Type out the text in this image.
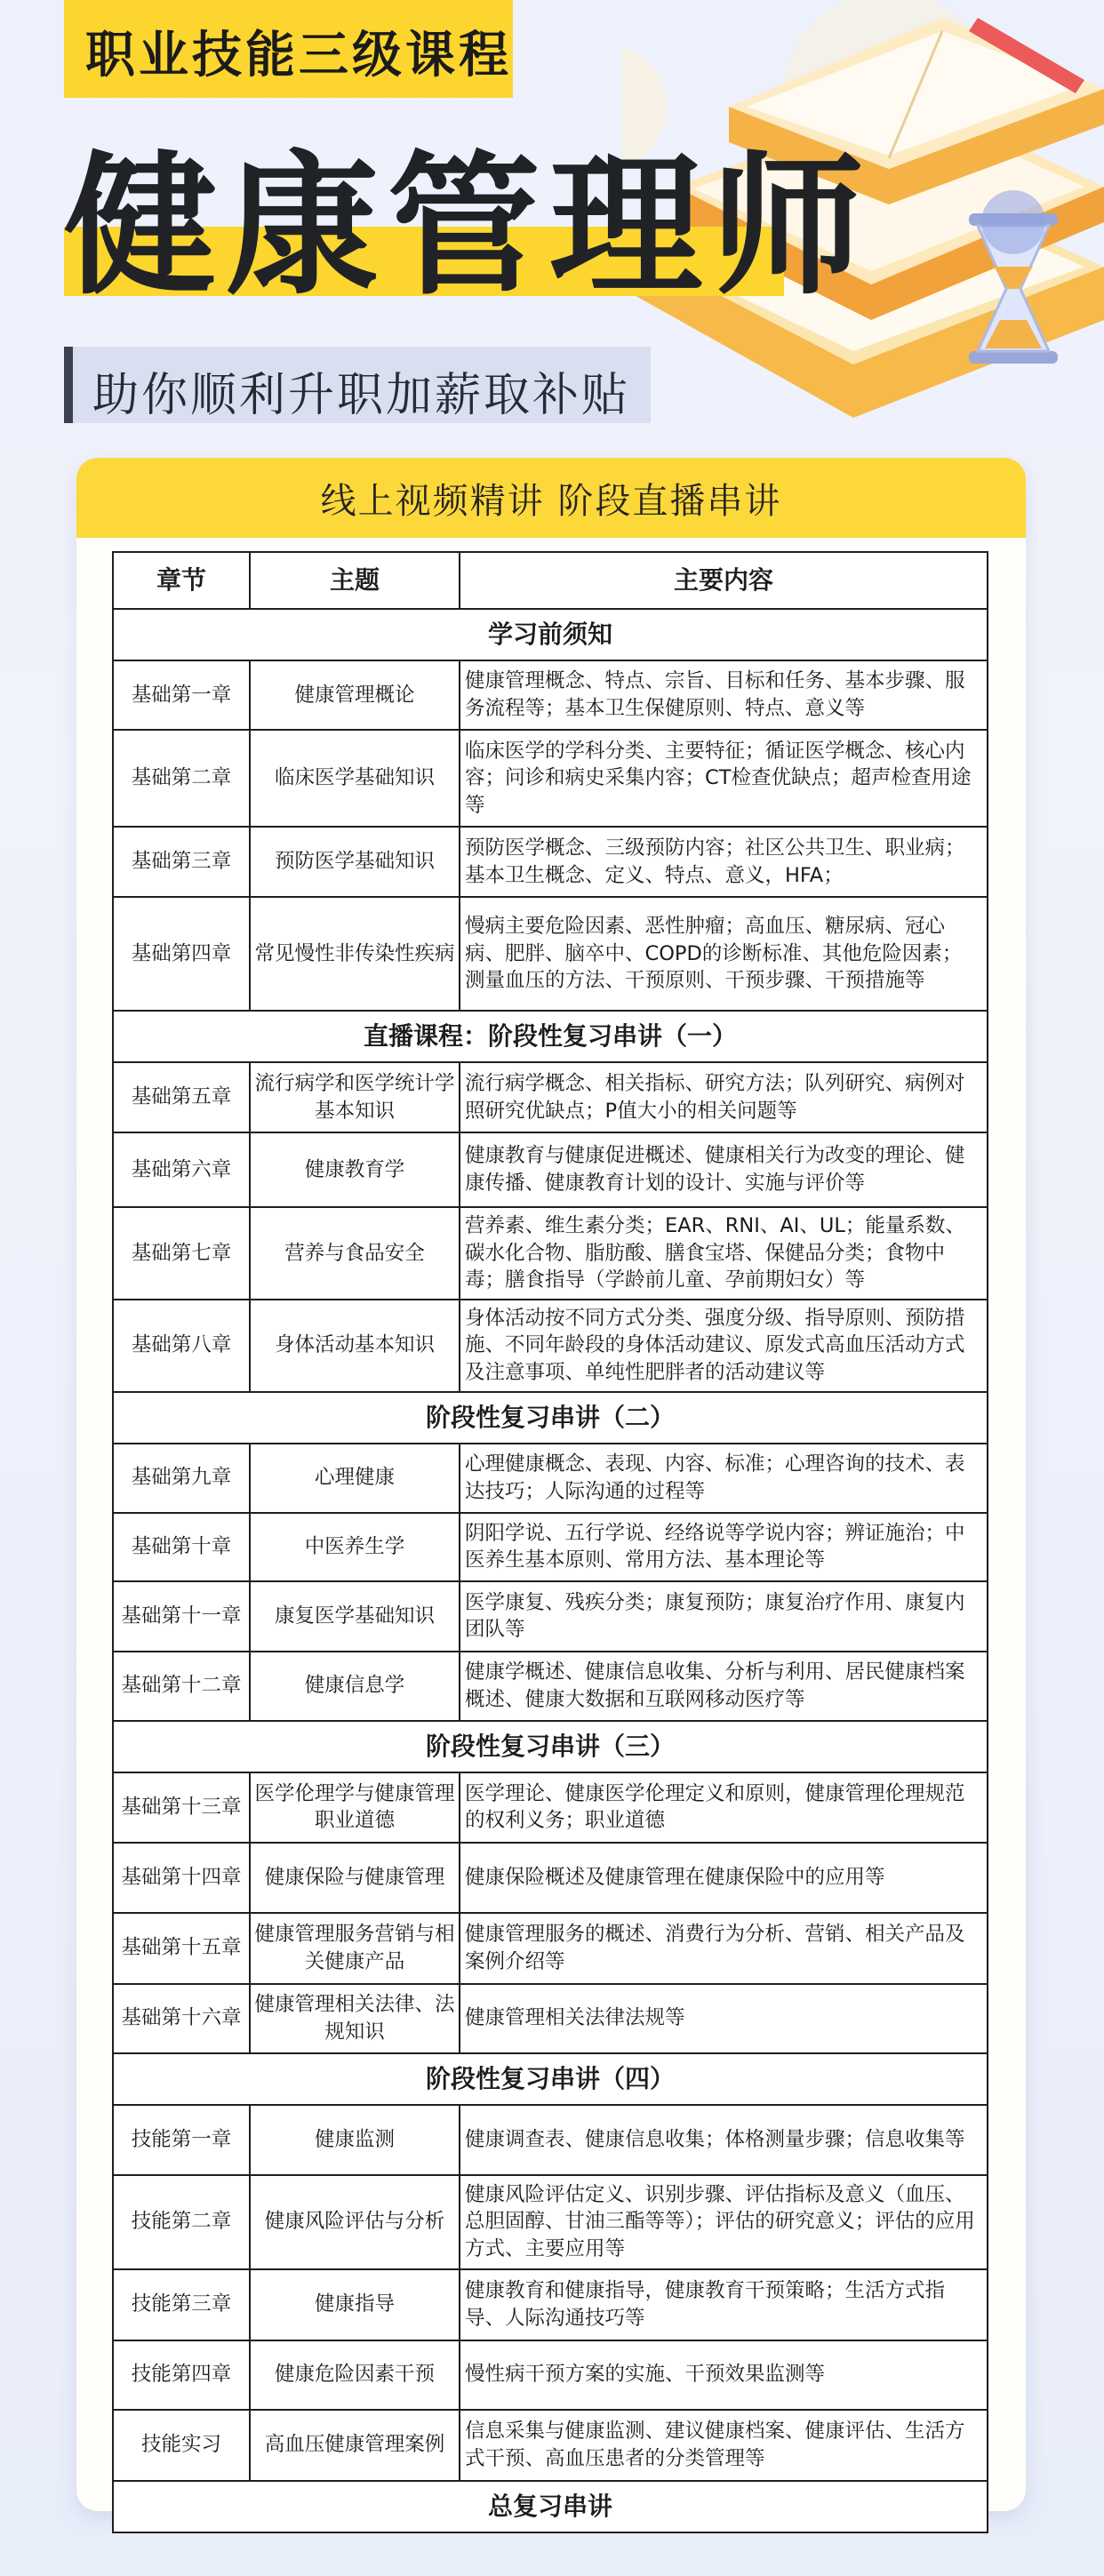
职业技能三级课程
健康管理师
助你顺利升职加薪取补贴
线上视频精讲 阶段直播串讲
章节	主题	主要内容
学习前须知		
基础第一章	健康管理概论	健康管理概念、特点、宗旨、目标和任务、基本步骤、服务流程等；基本卫生保健原则、特点、意义等
基础第二章	临床医学基础知识	临床医学的学科分类、主要特征；循证医学概念、核心内容；问诊和病史采集内容；CT检查优缺点；超声检查用途等
基础第三章	预防医学基础知识	预防医学概念、三级预防内容；社区公共卫生、职业病；基本卫生概念、定义、特点、意义，HFA；
基础第四章	常见慢性非传染性疾病	慢病主要危险因素、恶性肿瘤；高血压、糖尿病、冠心病、肥胖、脑卒中、COPD的诊断标准、其他危险因素；测量血压的方法、干预原则、干预步骤、干预措施等
直播课程：阶段性复习串讲（一）		
基础第五章	流行病学和医学统计学基本知识	流行病学概念、相关指标、研究方法；队列研究、病例对照研究优缺点；P值大小的相关问题等
基础第六章	健康教育学	健康教育与健康促进概述、健康相关行为改变的理论、健康传播、健康教育计划的设计、实施与评价等
基础第七章	营养与食品安全	营养素、维生素分类；EAR、RNI、AI、UL；能量系数、碳水化合物、脂肪酸、膳食宝塔、保健品分类；食物中毒；膳食指导（学龄前儿童、孕前期妇女）等
基础第八章	身体活动基本知识	身体活动按不同方式分类、强度分级、指导原则、预防措施、不同年龄段的身体活动建议、原发式高血压活动方式及注意事项、单纯性肥胖者的活动建议等
阶段性复习串讲（二）		
基础第九章	心理健康	心理健康概念、表现、内容、标准；心理咨询的技术、表达技巧；人际沟通的过程等
基础第十章	中医养生学	阴阳学说、五行学说、经络说等学说内容；辨证施治；中医养生基本原则、常用方法、基本理论等
基础第十一章	康复医学基础知识	医学康复、残疾分类；康复预防；康复治疗作用、康复内团队等
基础第十二章	健康信息学	健康学概述、健康信息收集、分析与利用、居民健康档案概述、健康大数据和互联网移动医疗等
阶段性复习串讲（三）		
基础第十三章	医学伦理学与健康管理职业道德	医学理论、健康医学伦理定义和原则，健康管理伦理规范的权利义务；职业道德
基础第十四章	健康保险与健康管理	健康保险概述及健康管理在健康保险中的应用等
基础第十五章	健康管理服务营销与相关健康产品	健康管理服务的概述、消费行为分析、营销、相关产品及案例介绍等
基础第十六章	健康管理相关法律、法规知识	健康管理相关法律法规等
阶段性复习串讲（四）		
技能第一章	健康监测	健康调查表、健康信息收集；体格测量步骤；信息收集等
技能第二章	健康风险评估与分析	健康风险评估定义、识别步骤、评估指标及意义（血压、总胆固醇、甘油三酯等等）；评估的研究意义；评估的应用方式、主要应用等
技能第三章	健康指导	健康教育和健康指导，健康教育干预策略；生活方式指导、人际沟通技巧等
技能第四章	健康危险因素干预	慢性病干预方案的实施、干预效果监测等
技能实习	高血压健康管理案例	信息采集与健康监测、建议健康档案、健康评估、生活方式干预、高血压患者的分类管理等
总复习串讲		
